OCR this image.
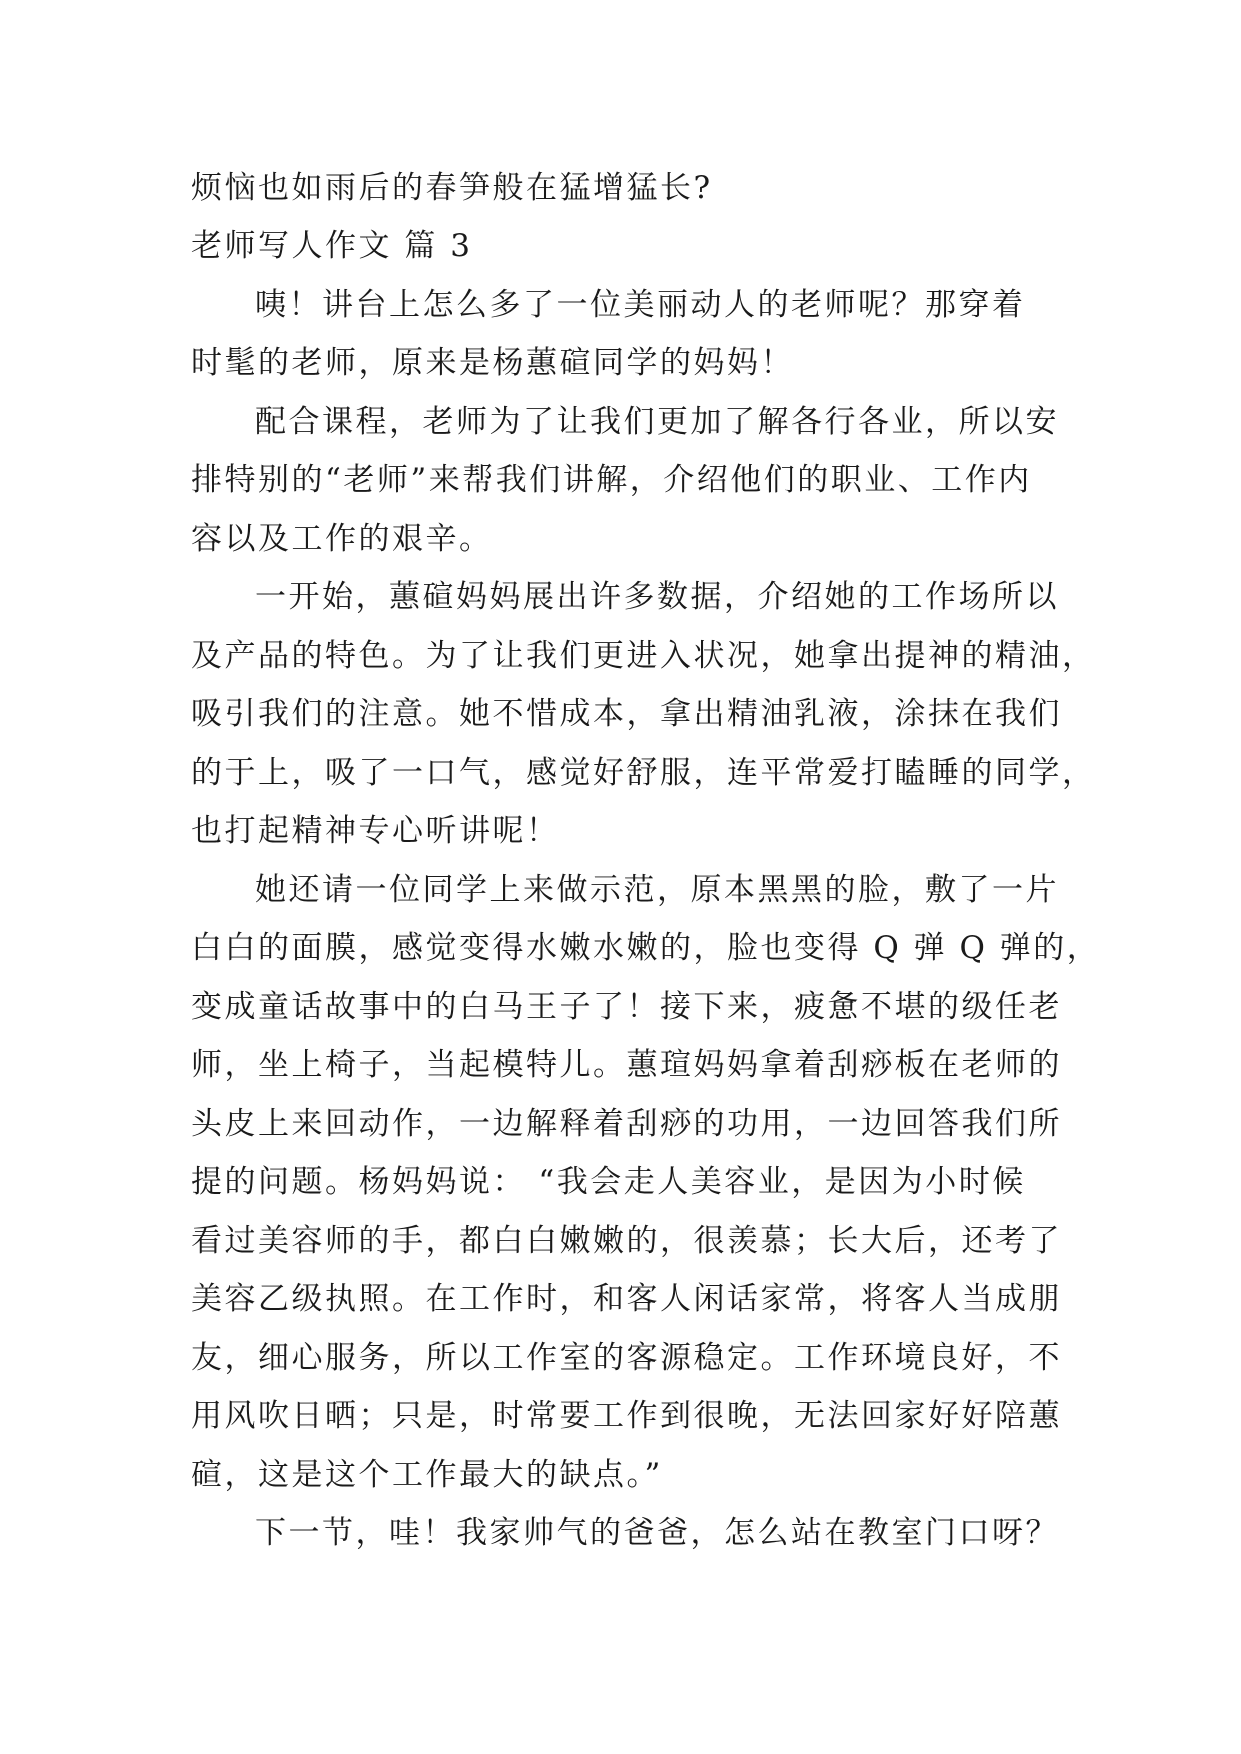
烦恼也如雨后的春笋般在猛增猛长?

老师写人作文 篇 3

咦！讲台上怎么多了一位美丽动人的老师呢？那穿着

时髦的老师，原来是杨蕙碹同学的妈妈！

配合课程，老师为了让我们更加了解各行各业，所以安

排特别的“老师”来帮我们讲解，介绍他们的职业、工作内

容以及工作的艰辛。

一开始，蕙碹妈妈展出许多数据，介绍她的工作场所以

及产品的特色。为了让我们更进入状况，她拿出提神的精油，

吸引我们的注意。她不惜成本，拿出精油乳液，涂抹在我们

的于上，吸了一口气，感觉好舒服，连平常爱打瞌睡的同学，

也打起精神专心听讲呢！

她还请一位同学上来做示范，原本黑黑的脸，敷了一片

白白的面膜，感觉变得水嫩水嫩的，脸也变得 Q 弹 Q 弹的，

变成童话故事中的白马王子了！接下来，疲惫不堪的级任老

师，坐上椅子，当起模特儿。蕙瑄妈妈拿着刮痧板在老师的

头皮上来回动作，一边解释着刮痧的功用，一边回答我们所

提的问题。杨妈妈说： “我会走人美容业，是因为小时候

看过美容师的手，都白白嫩嫩的，很羡慕；长大后，还考了

美容乙级执照。在工作时，和客人闲话家常，将客人当成朋

友，细心服务，所以工作室的客源稳定。工作环境良好，不

用风吹日晒；只是，时常要工作到很晚，无法回家好好陪蕙

碹，这是这个工作最大的缺点。”

下一节，哇！我家帅气的爸爸，怎么站在教室门口呀？
